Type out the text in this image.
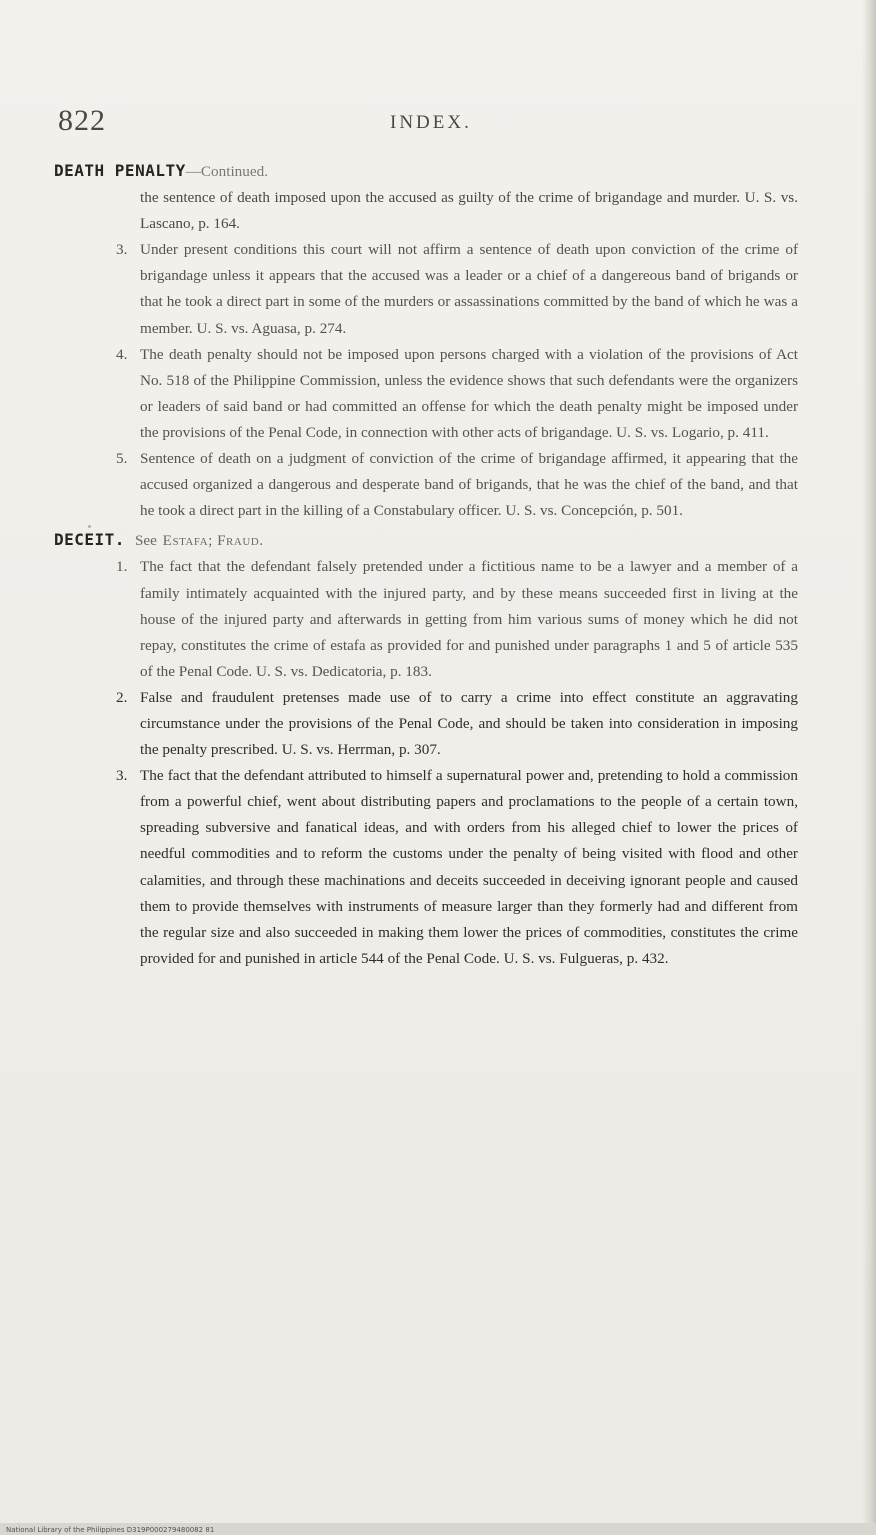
822	INDEX.

DEATH PENALTY—Continued.

the sentence of death imposed upon the accused as guilty of the crime of brigandage and murder. U. S. vs. Lascano, p. 164.

3. Under present conditions this court will not affirm a sentence of death upon conviction of the crime of brigandage unless it appears that the accused was a leader or a chief of a dangereous band of brigands or that he took a direct part in some of the murders or assassinations committed by the band of which he was a member. U. S. vs. Aguasa, p. 274.

4. The death penalty should not be imposed upon persons charged with a violation of the provisions of Act No. 518 of the Philippine Commission, unless the evidence shows that such defendants were the organizers or leaders of said band or had committed an offense for which the death penalty might be imposed under the provisions of the Penal Code, in connection with other acts of brigandage. U. S. vs. Logario, p. 411.

5. Sentence of death on a judgment of conviction of the crime of brigandage affirmed, it appearing that the accused organized a dangerous and desperate band of brigands, that he was the chief of the band, and that he took a direct part in the killing of a Constabulary officer. U. S. vs. Concepción, p. 501.

DECEIT. See Estafa; Fraud.

1. The fact that the defendant falsely pretended under a fictitious name to be a lawyer and a member of a family intimately acquainted with the injured party, and by these means succeeded first in living at the house of the injured party and afterwards in getting from him various sums of money which he did not repay, constitutes the crime of estafa as provided for and punished under paragraphs 1 and 5 of article 535 of the Penal Code. U. S. vs. Dedicatoria, p. 183.

2. False and fraudulent pretenses made use of to carry a crime into effect constitute an aggravating circumstance under the provisions of the Penal Code, and should be taken into consideration in imposing the penalty prescribed. U. S. vs. Herrman, p. 307.

3. The fact that the defendant attributed to himself a supernatural power and, pretending to hold a commission from a powerful chief, went about distributing papers and proclamations to the people of a certain town, spreading subversive and fanatical ideas, and with orders from his alleged chief to lower the prices of needful commodities and to reform the customs under the penalty of being visited with flood and other calamities, and through these machinations and deceits succeeded in deceiving ignorant people and caused them to provide themselves with instruments of measure larger than they formerly had and different from the regular size and also succeeded in making them lower the prices of commodities, constitutes the crime provided for and punished in article 544 of the Penal Code. U. S. vs. Fulgueras, p. 432.

National Library of the Philippines D319P000279480082 81
